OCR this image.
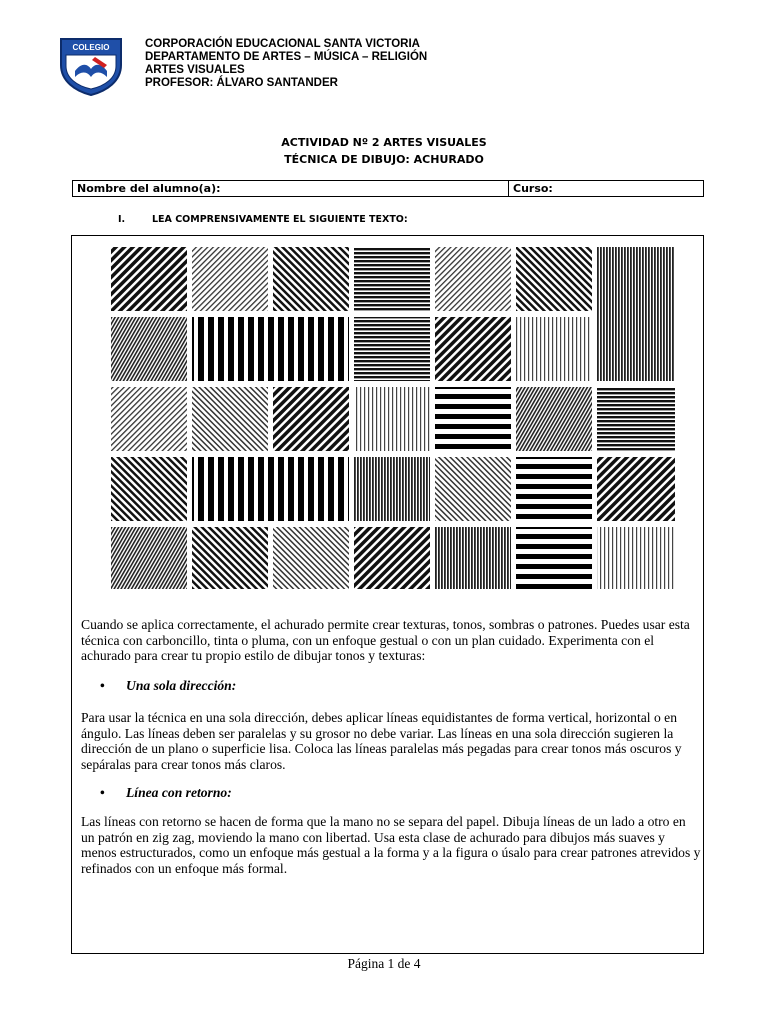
COLEGIO	CORPORACIÓN EDUCACIONAL SANTA VICTORIA
DEPARTAMENTO DE ARTES – MÚSICA – RELIGIÓN
ARTES VISUALES
PROFESOR: ÁLVARO SANTANDER
ACTIVIDAD Nº 2 ARTES VISUALES
TÉCNICA DE DIBUJO: ACHURADO
Nombre del alumno(a):	Curso:
I.	LEA COMPRENSIVAMENTE EL SIGUIENTE TEXTO:
Cuando se aplica correctamente, el achurado permite crear texturas, tonos, sombras o patrones. Puedes usar esta técnica con carboncillo, tinta o pluma, con un enfoque gestual o con un plan cuidado. Experimenta con el achurado para crear tu propio estilo de dibujar tonos y texturas:
• Una sola dirección:
Para usar la técnica en una sola dirección, debes aplicar líneas equidistantes de forma vertical, horizontal o en ángulo. Las líneas deben ser paralelas y su grosor no debe variar. Las líneas en una sola dirección sugieren la dirección de un plano o superficie lisa. Coloca las líneas paralelas más pegadas para crear tonos más oscuros y sepáralas para crear tonos más claros.
• Línea con retorno:
Las líneas con retorno se hacen de forma que la mano no se separa del papel. Dibuja líneas de un lado a otro en un patrón en zig zag, moviendo la mano con libertad. Usa esta clase de achurado para dibujos más suaves y menos estructurados, como un enfoque más gestual a la forma y a la figura o úsalo para crear patrones atrevidos y refinados con un enfoque más formal.
Página 1 de 4
